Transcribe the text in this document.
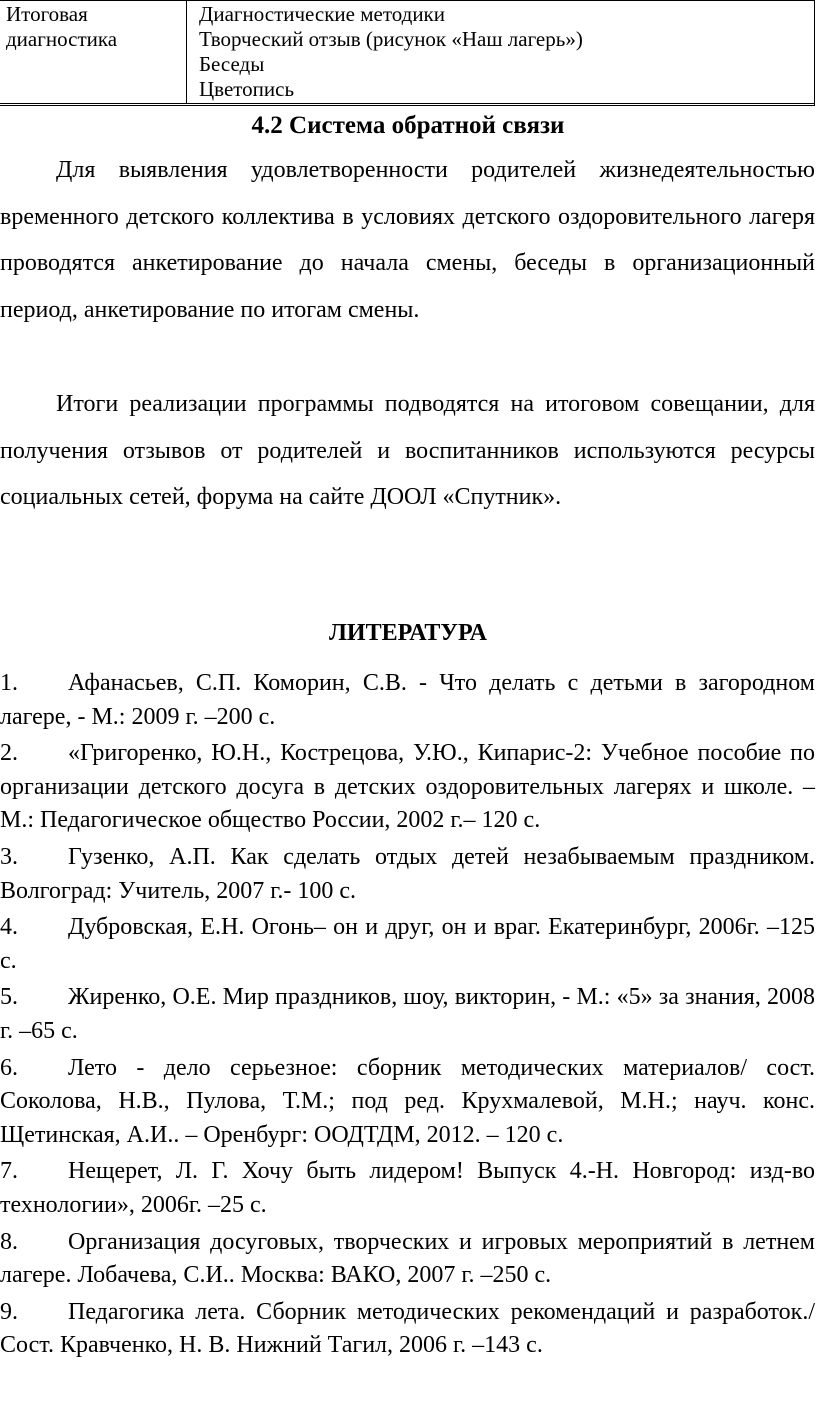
Итоговая
диагностика

Диагностические методики
Творческий отзыв (рисунок «Наш лагерь»)
Беседы
Цветопись
4.2 Система обратной связи

Для выявления удовлетворенности родителей жизнедеятельностью временного детского коллектива в условиях детского оздоровительного лагеря проводятся анкетирование до начала смены, беседы в организационный период, анкетирование по итогам смены.

Итоги реализации программы подводятся на итоговом совещании, для получения отзывов от родителей и воспитанников используются ресурсы социальных сетей, форума на сайте ДООЛ «Спутник».

ЛИТЕРАТУРА
1. Афанасьев, С.П. Коморин, С.В. - Что делать с детьми в загородном лагере, - М.: 2009 г. –200 с.
2. «Григоренко, Ю.Н., Кострецова, У.Ю., Кипарис-2: Учебное пособие по организации детского досуга в детских оздоровительных лагерях и школе. – М.: Педагогическое общество России, 2002 г.– 120 с.
3. Гузенко, А.П. Как сделать отдых детей незабываемым праздником. Волгоград: Учитель, 2007 г.- 100 с.
4. Дубровская, Е.Н. Огонь– он и друг, он и враг. Екатеринбург, 2006г. –125 с.
5. Жиренко, О.Е. Мир праздников, шоу, викторин, - М.: «5» за знания, 2008 г. –65 с.
6. Лето - дело серьезное: сборник методических материалов/ сост. Соколова, Н.В., Пулова, Т.М.; под ред. Крухмалевой, М.Н.; науч. конс. Щетинская, А.И.. – Оренбург: ООДТДМ, 2012. – 120 с.
7. Нещерет, Л. Г. Хочу быть лидером! Выпуск 4.-Н. Новгород: изд-во технологии», 2006г. –25 с.
8. Организация досуговых, творческих и игровых мероприятий в летнем лагере. Лобачева, С.И.. Москва: ВАКО, 2007 г. –250 с.
9. Педагогика лета. Сборник методических рекомендаций и разработок./Сост. Кравченко, Н. В. Нижний Тагил, 2006 г. –143 с.
